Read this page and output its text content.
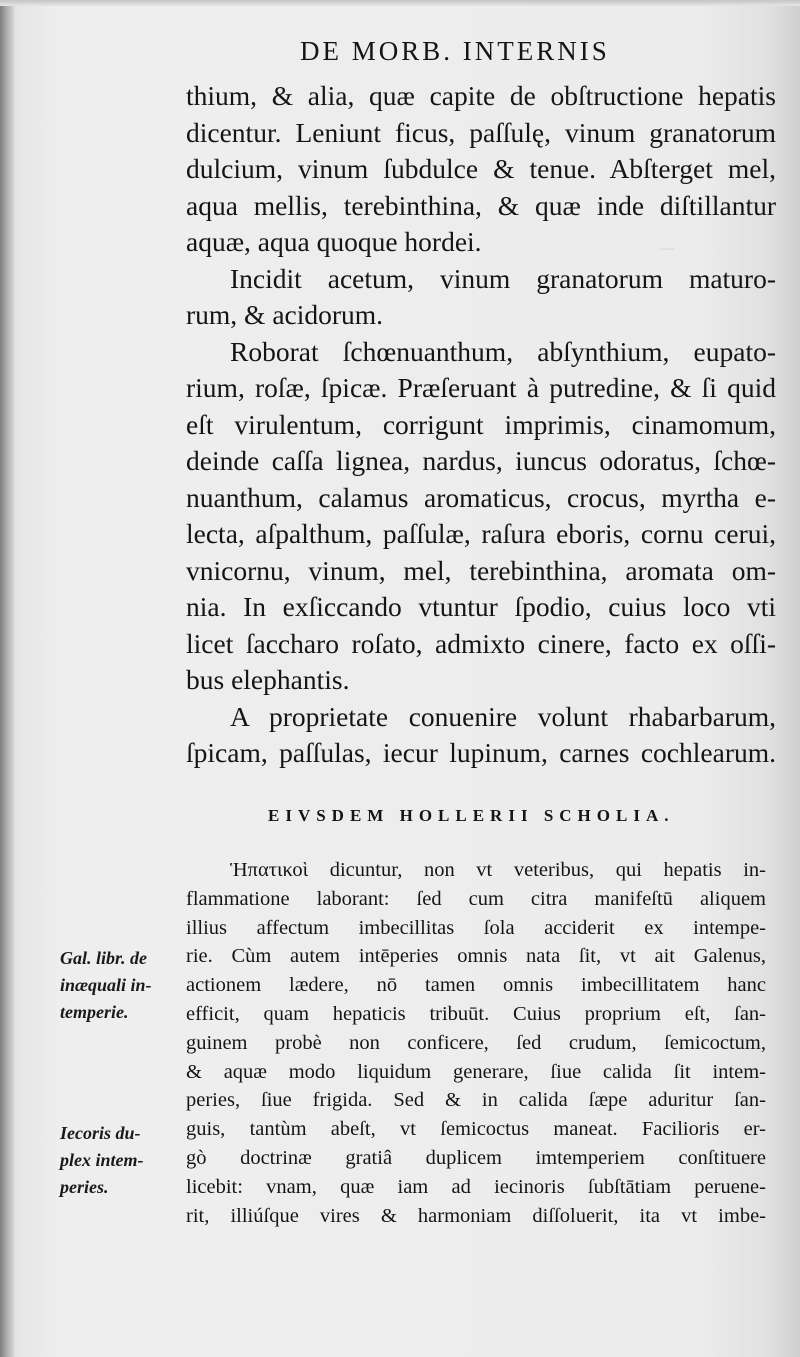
—
DE MORB. INTERNIS
thium, & alia, quæ capite de obſtructione hepatis
dicentur. Leniunt ficus, paſſulę, vinum granatorum
dulcium, vinum ſubdulce & tenue. Abſterget mel,
aqua mellis, terebinthina, & quæ inde diſtillantur
aquæ, aqua quoque hordei.
Incidit acetum, vinum granatorum maturo-
rum, & acidorum.
Roborat ſchœnuanthum, abſynthium, eupato-
rium, roſæ, ſpicæ. Præſeruant à putredine, & ſi quid
eſt virulentum, corrigunt imprimis, cinamomum,
deinde caſſa lignea, nardus, iuncus odoratus, ſchœ-
nuanthum, calamus aromaticus, crocus, myrtha e-
lecta, aſpalthum, paſſulæ, raſura eboris, cornu cerui,
vnicornu, vinum, mel, terebinthina, aromata om-
nia. In exſiccando vtuntur ſpodio, cuius loco vti
licet ſaccharo roſato, admixto cinere, facto ex oſſi-
bus elephantis.
A proprietate conuenire volunt rhabarbarum,
ſpicam, paſſulas, iecur lupinum, carnes cochlearum.
EIVSDEM HOLLERII SCHOLIA.
Ἡπατικοὶ dicuntur, non vt veteribus, qui hepatis in-
flammatione laborant: ſed cum citra manifeſtū aliquem
illius affectum imbecillitas ſola acciderit ex intempe-
rie. Cùm autem intēperies omnis nata ſit, vt ait Galenus,
actionem lædere, nō tamen omnis imbecillitatem hanc
efficit, quam hepaticis tribuūt. Cuius proprium eſt, ſan-
guinem probè non conficere, ſed crudum, ſemicoctum,
& aquæ modo liquidum generare, ſiue calida ſit intem-
peries, ſiue frigida. Sed & in calida ſæpe aduritur ſan-
guis, tantùm abeſt, vt ſemicoctus maneat. Facilioris er-
gò doctrinæ gratiâ duplicem imtemperiem conſtituere
licebit: vnam, quæ iam ad iecinoris ſubſtātiam peruene-
rit, illiúſque vires & harmoniam diſſoluerit, ita vt imbe-
Gal. libr. de
inæquali in-
temperie.
Iecoris du-
plex intem-
peries.
